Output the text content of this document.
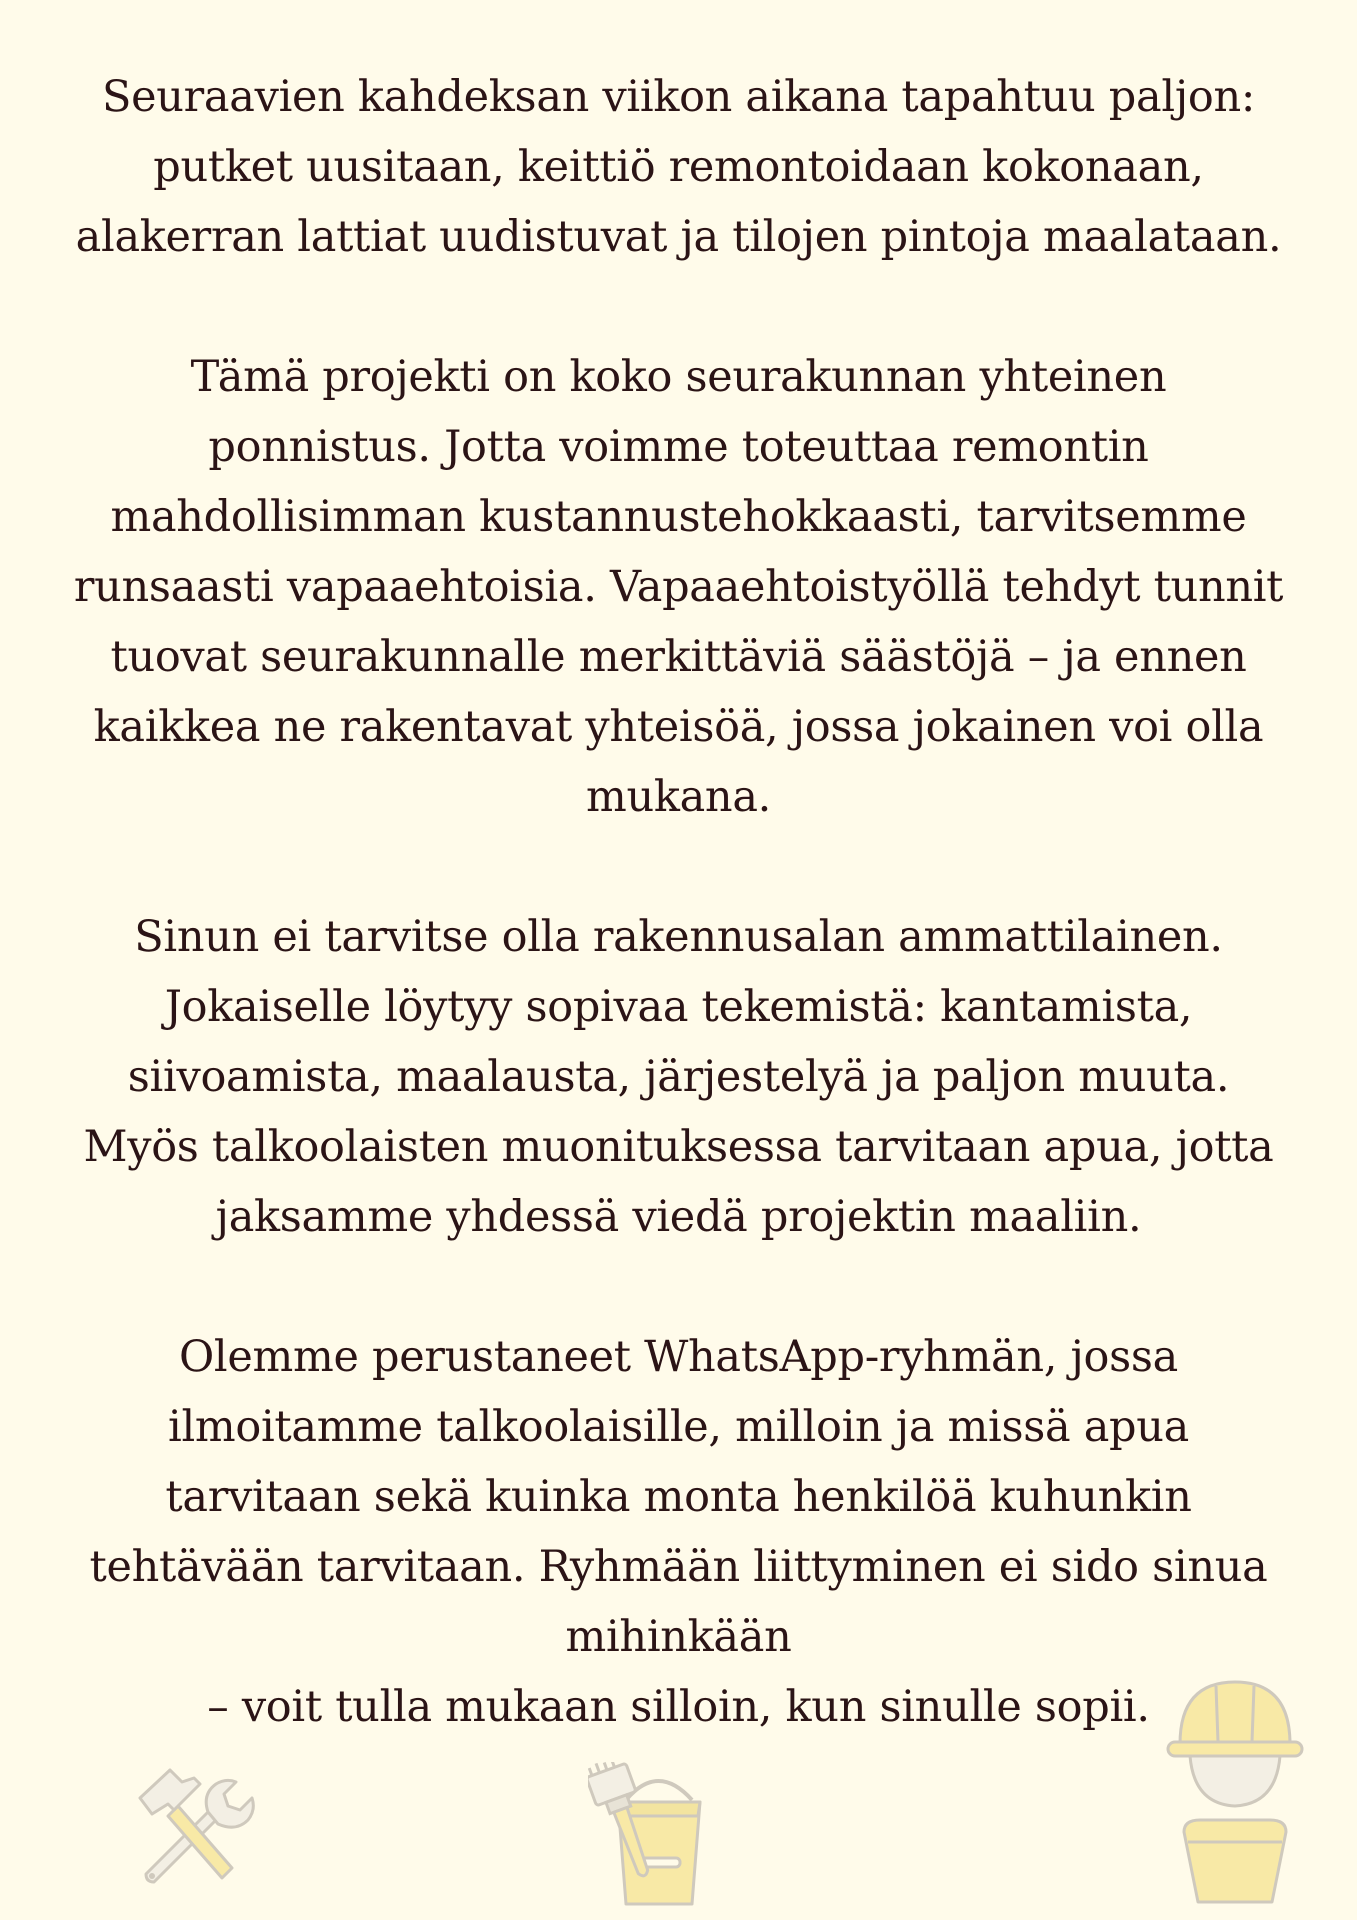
Seuraavien kahdeksan viikon aikana tapahtuu paljon:
putket uusitaan, keittiö remontoidaan kokonaan,
alakerran lattiat uudistuvat ja tilojen pintoja maalataan.

Tämä projekti on koko seurakunnan yhteinen
ponnistus. Jotta voimme toteuttaa remontin
mahdollisimman kustannustehokkaasti, tarvitsemme
runsaasti vapaaehtoisia. Vapaaehtoistyöllä tehdyt tunnit
tuovat seurakunnalle merkittäviä säästöjä – ja ennen
kaikkea ne rakentavat yhteisöä, jossa jokainen voi olla
mukana.

Sinun ei tarvitse olla rakennusalan ammattilainen.
Jokaiselle löytyy sopivaa tekemistä: kantamista,
siivoamista, maalausta, järjestelyä ja paljon muuta.
Myös talkoolaisten muonituksessa tarvitaan apua, jotta
jaksamme yhdessä viedä projektin maaliin.

Olemme perustaneet WhatsApp-ryhmän, jossa
ilmoitamme talkoolaisille, milloin ja missä apua
tarvitaan sekä kuinka monta henkilöä kuhunkin
tehtävään tarvitaan. Ryhmään liittyminen ei sido sinua
mihinkään
– voit tulla mukaan silloin, kun sinulle sopii.
